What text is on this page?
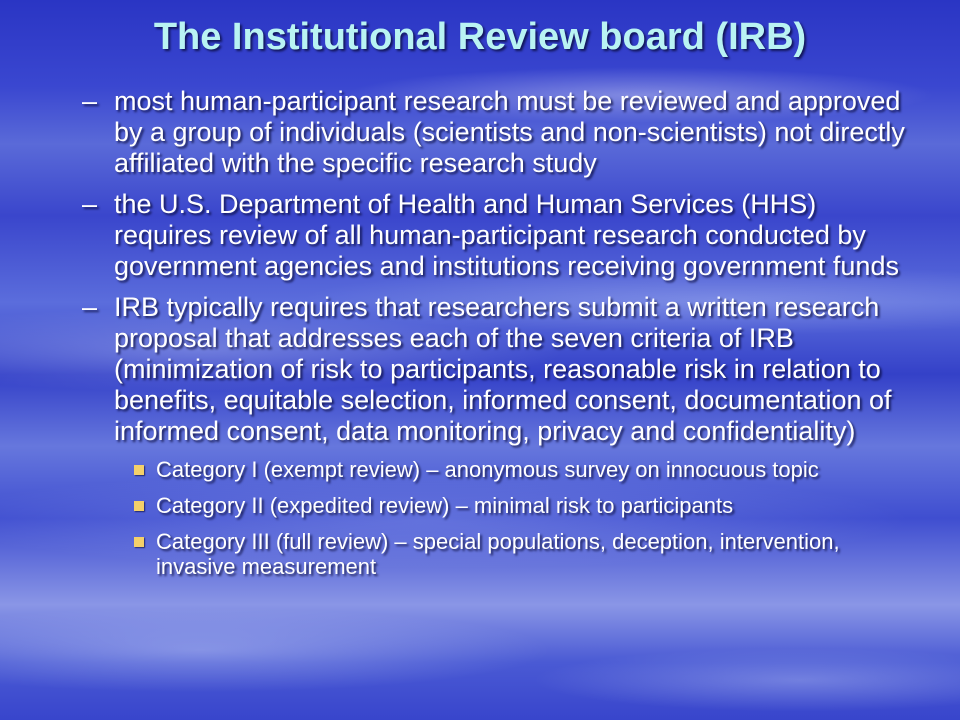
The Institutional Review board (IRB)
– most human-participant research must be reviewed and approved by a group of individuals (scientists and non-scientists) not directly affiliated with the specific research study
– the U.S. Department of Health and Human Services (HHS) requires review of all human-participant research conducted by government agencies and institutions receiving government funds
– IRB typically requires that researchers submit a written research proposal that addresses each of the seven criteria of IRB (minimization of risk to participants, reasonable risk in relation to benefits, equitable selection, informed consent, documentation of informed consent, data monitoring, privacy and confidentiality)
Category I (exempt review) – anonymous survey on innocuous topic
Category II (expedited review) – minimal risk to participants
Category III (full review) – special populations, deception, intervention, invasive measurement
